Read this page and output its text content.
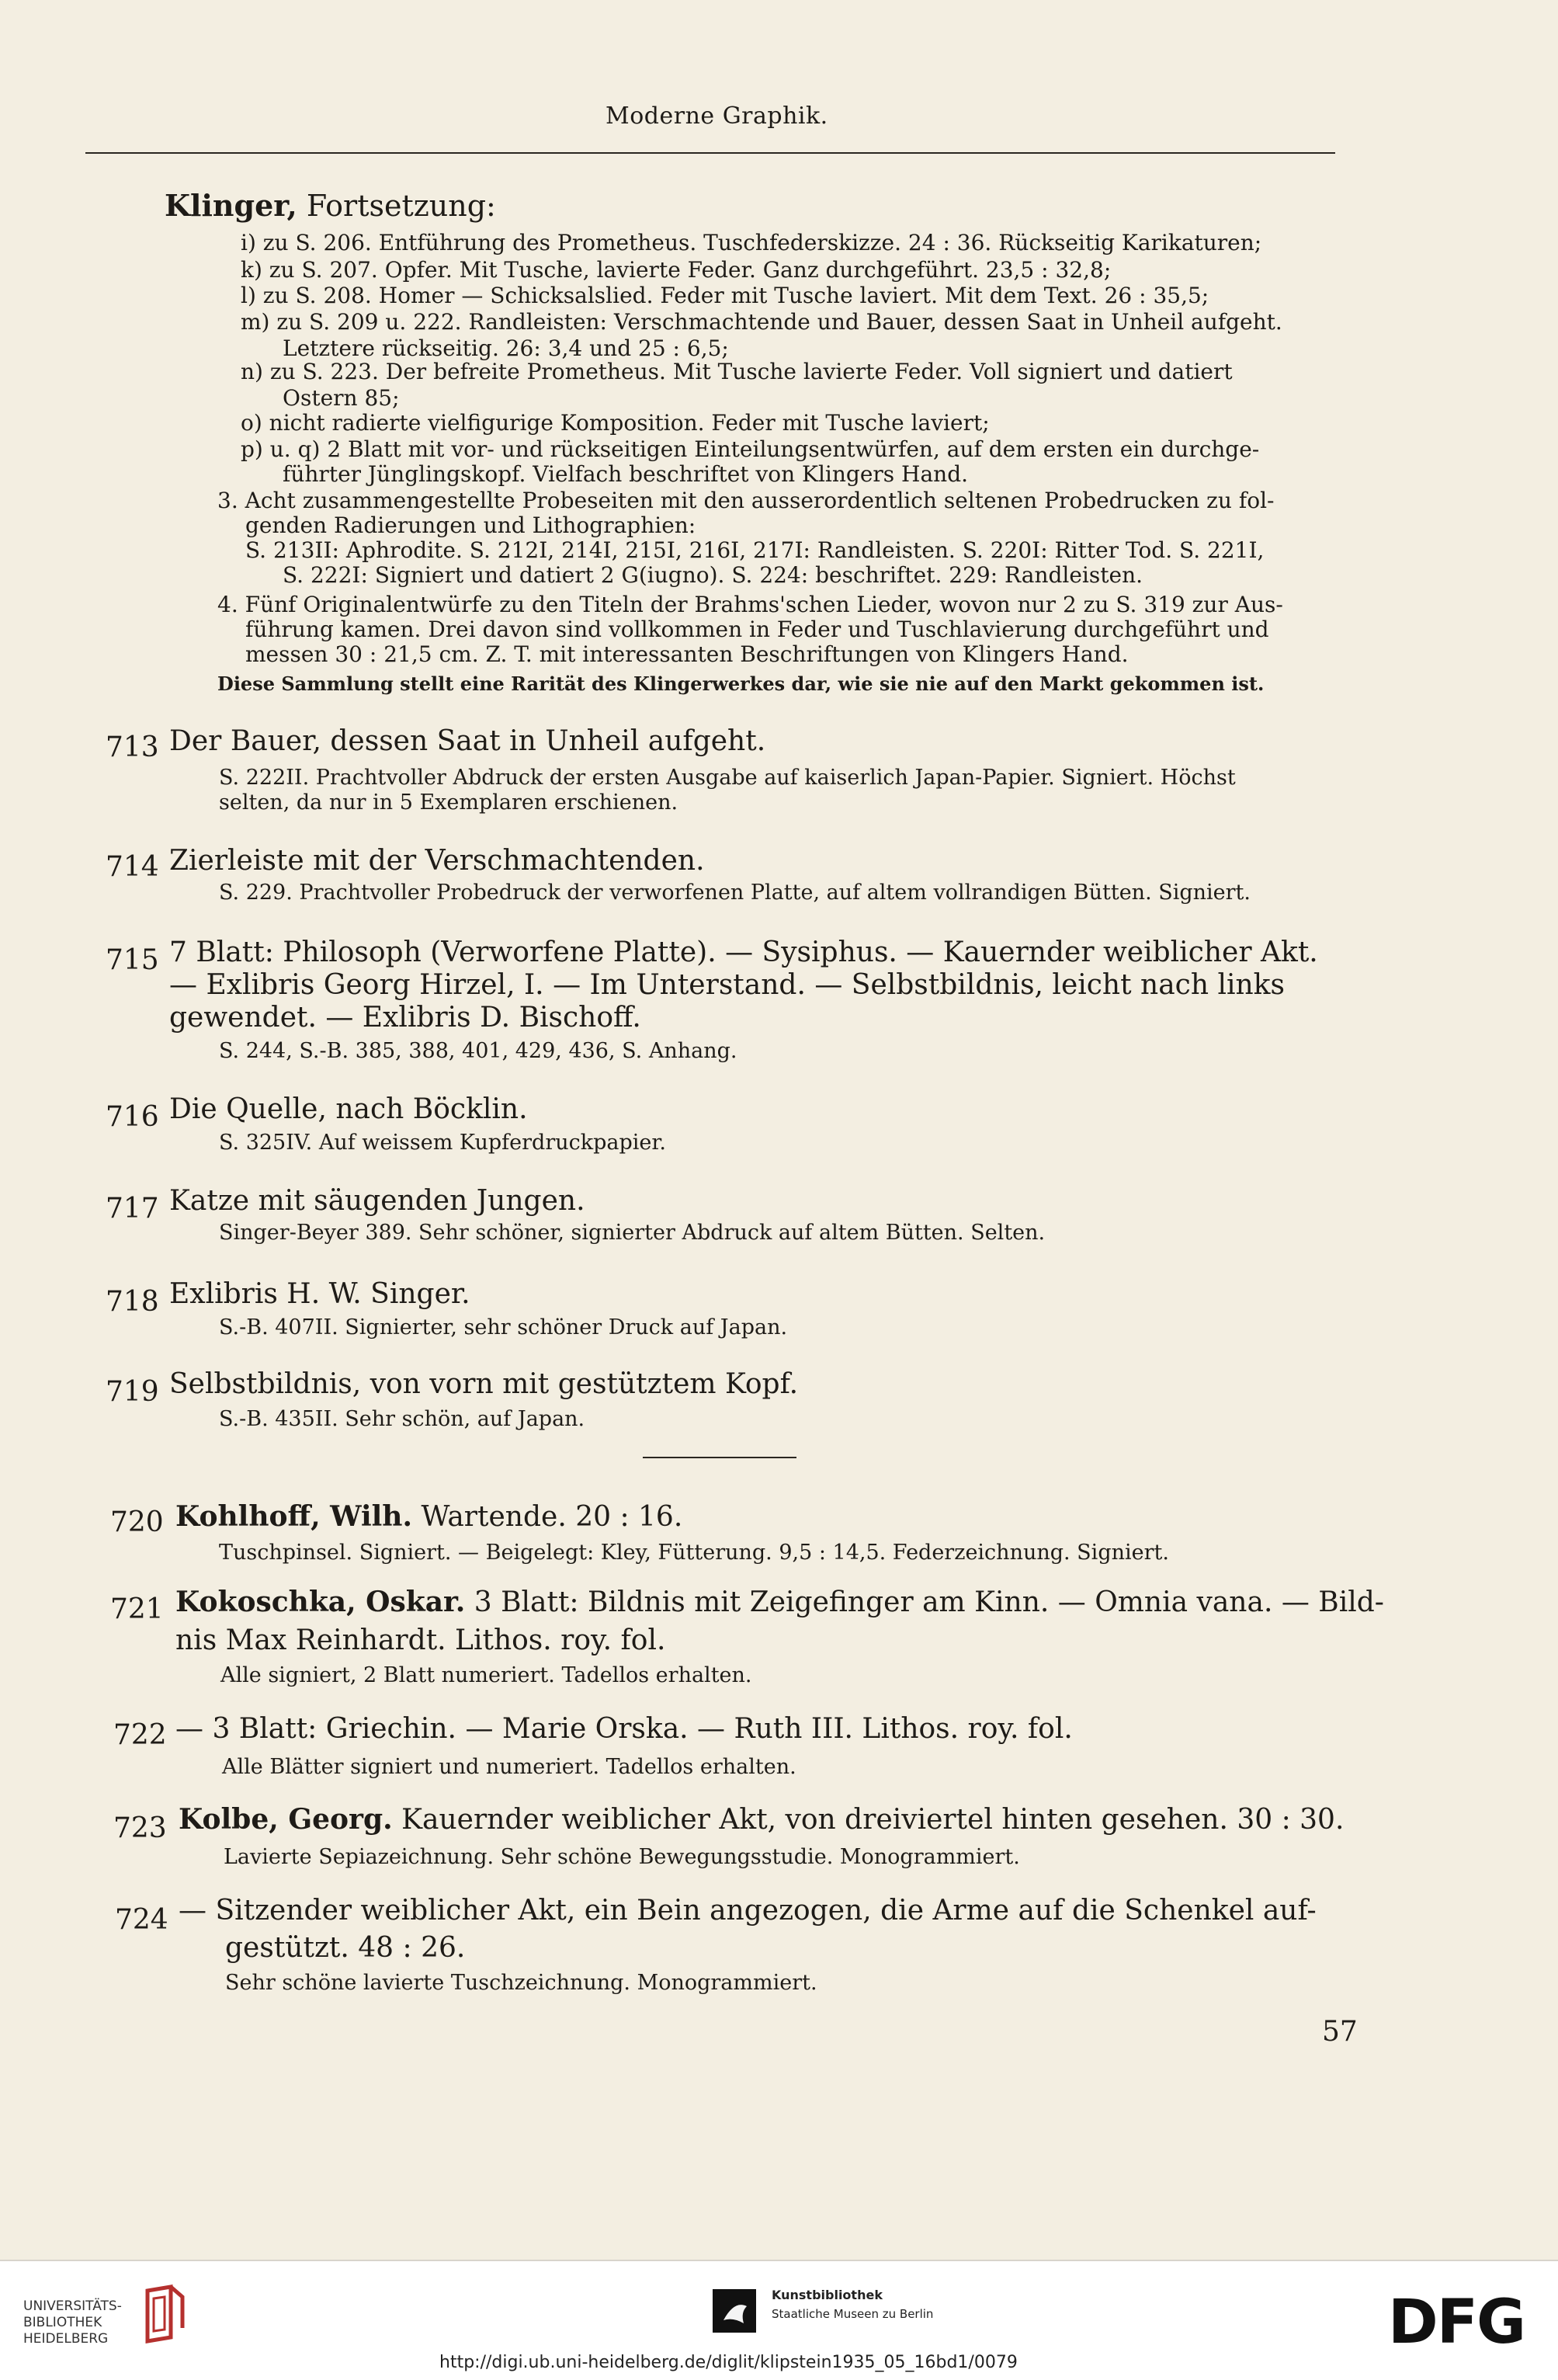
Moderne Graphik.
Klinger, Fortsetzung:
i) zu S. 206. Entführung des Prometheus. Tuschfederskizze. 24 : 36. Rückseitig Karikaturen;
k) zu S. 207. Opfer. Mit Tusche, lavierte Feder. Ganz durchgeführt. 23,5 : 32,8;
l) zu S. 208. Homer — Schicksalslied. Feder mit Tusche laviert. Mit dem Text. 26 : 35,5;
m) zu S. 209 u. 222. Randleisten: Verschmachtende und Bauer, dessen Saat in Unheil aufgeht.
Letztere rückseitig. 26: 3,4 und 25 : 6,5;
n) zu S. 223. Der befreite Prometheus. Mit Tusche lavierte Feder. Voll signiert und datiert
Ostern 85;
o) nicht radierte vielfigurige Komposition. Feder mit Tusche laviert;
p) u. q) 2 Blatt mit vor- und rückseitigen Einteilungsentwürfen, auf dem ersten ein durchge-
führter Jünglingskopf. Vielfach beschriftet von Klingers Hand.
3. Acht zusammengestellte Probeseiten mit den ausserordentlich seltenen Probedrucken zu fol-
genden Radierungen und Lithographien:
S. 213II: Aphrodite. S. 212I, 214I, 215I, 216I, 217I: Randleisten. S. 220I: Ritter Tod. S. 221I,
S. 222I: Signiert und datiert 2 G(iugno). S. 224: beschriftet. 229: Randleisten.
4. Fünf Originalentwürfe zu den Titeln der Brahms'schen Lieder, wovon nur 2 zu S. 319 zur Aus-
führung kamen. Drei davon sind vollkommen in Feder und Tuschlavierung durchgeführt und
messen 30 : 21,5 cm. Z. T. mit interessanten Beschriftungen von Klingers Hand.
Diese Sammlung stellt eine Rarität des Klingerwerkes dar, wie sie nie auf den Markt gekommen ist.
713 Der Bauer, dessen Saat in Unheil aufgeht.
S. 222II. Prachtvoller Abdruck der ersten Ausgabe auf kaiserlich Japan-Papier. Signiert. Höchst
selten, da nur in 5 Exemplaren erschienen.
714 Zierleiste mit der Verschmachtenden.
S. 229. Prachtvoller Probedruck der verworfenen Platte, auf altem vollrandigen Bütten. Signiert.
715 7 Blatt: Philosoph (Verworfene Platte). — Sysiphus. — Kauernder weiblicher Akt.
— Exlibris Georg Hirzel, I. — Im Unterstand. — Selbstbildnis, leicht nach links
gewendet. — Exlibris D. Bischoff.
S. 244, S.-B. 385, 388, 401, 429, 436, S. Anhang.
716 Die Quelle, nach Böcklin.
S. 325IV. Auf weissem Kupferdruckpapier.
717 Katze mit säugenden Jungen.
Singer-Beyer 389. Sehr schöner, signierter Abdruck auf altem Bütten. Selten.
718 Exlibris H. W. Singer.
S.-B. 407II. Signierter, sehr schöner Druck auf Japan.
719 Selbstbildnis, von vorn mit gestütztem Kopf.
S.-B. 435II. Sehr schön, auf Japan.
720 Kohlhoff, Wilh. Wartende. 20 : 16.
Tuschpinsel. Signiert. — Beigelegt: Kley, Fütterung. 9,5 : 14,5. Federzeichnung. Signiert.
721 Kokoschka, Oskar. 3 Blatt: Bildnis mit Zeigefinger am Kinn. — Omnia vana. — Bild-
nis Max Reinhardt. Lithos. roy. fol.
Alle signiert, 2 Blatt numeriert. Tadellos erhalten.
722 — 3 Blatt: Griechin. — Marie Orska. — Ruth III. Lithos. roy. fol.
Alle Blätter signiert und numeriert. Tadellos erhalten.
723 Kolbe, Georg. Kauernder weiblicher Akt, von dreiviertel hinten gesehen. 30 : 30.
Lavierte Sepiazeichnung. Sehr schöne Bewegungsstudie. Monogrammiert.
724 — Sitzender weiblicher Akt, ein Bein angezogen, die Arme auf die Schenkel auf-
gestützt. 48 : 26.
Sehr schöne lavierte Tuschzeichnung. Monogrammiert.
57
UNIVERSITÄTS-
BIBLIOTHEK
HEIDELBERG
Kunstbibliothek
Staatliche Museen zu Berlin	DFG
http://digi.ub.uni-heidelberg.de/diglit/klipstein1935_05_16bd1/0079
